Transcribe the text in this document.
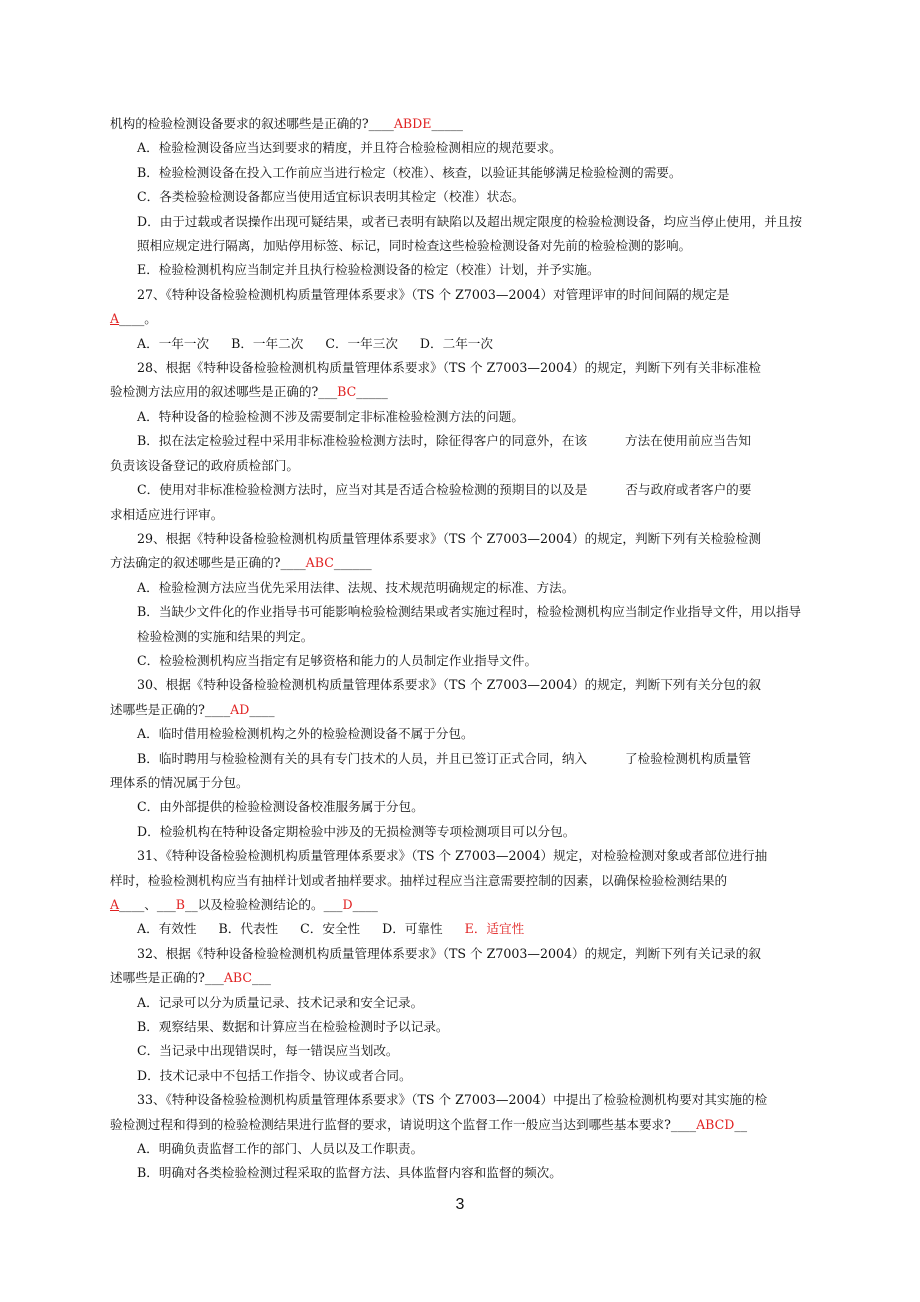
机构的检验检测设备要求的叙述哪些是正确的?____ABDE_____

A．检验检测设备应当达到要求的精度，并且符合检验检测相应的规范要求。

B．检验检测设备在投入工作前应当进行检定（校准）、核查，以验证其能够满足检验检测的需要。

C．各类检验检测设备都应当使用适宜标识表明其检定（校准）状态。

D．由于过载或者误操作出现可疑结果，或者已表明有缺陷以及超出规定限度的检验检测设备，均应当停止使用，并且按照相应规定进行隔离，加贴停用标签、标记，同时检查这些检验检测设备对先前的检验检测的影响。

E．检验检测机构应当制定并且执行检验检测设备的检定（校准）计划，并予实施。

27、《特种设备检验检测机构质量管理体系要求》（TS 个 Z7003—2004）对管理评审的时间间隔的规定是

A____。

A．一年一次 B．一年二次 C．一年三次 D．二年一次

28、根据《特种设备检验检测机构质量管理体系要求》（TS 个 Z7003—2004）的规定，判断下列有关非标准检

验检测方法应用的叙述哪些是正确的?___BC_____

A．特种设备的检验检测不涉及需要制定非标准检验检测方法的问题。

B．拟在法定检验过程中采用非标准检验检测方法时，除征得客户的同意外，在该	方法在使用前应当告知

负责该设备登记的政府质检部门。

C．使用对非标准检验检测方法时，应当对其是否适合检验检测的预期目的以及是	否与政府或者客户的要

求相适应进行评审。

29、根据《特种设备检验检测机构质量管理体系要求》（TS 个 Z7003—2004）的规定，判断下列有关检验检测

方法确定的叙述哪些是正确的?____ABC______

A．检验检测方法应当优先采用法律、法规、技术规范明确规定的标准、方法。

B．当缺少文件化的作业指导书可能影响检验检测结果或者实施过程时，检验检测机构应当制定作业指导文件，用以指导检验检测的实施和结果的判定。

C．检验检测机构应当指定有足够资格和能力的人员制定作业指导文件。

30、根据《特种设备检验检测机构质量管理体系要求》（TS 个 Z7003—2004）的规定，判断下列有关分包的叙

述哪些是正确的?____AD____

A．临时借用检验检测机构之外的检验检测设备不属于分包。

B．临时聘用与检验检测有关的具有专门技术的人员，并且已签订正式合同，纳入	了检验检测机构质量管

理体系的情况属于分包。

C．由外部提供的检验检测设备校准服务属于分包。

D．检验机构在特种设备定期检验中涉及的无损检测等专项检测项目可以分包。

31、《特种设备检验检测机构质量管理体系要求》（TS 个 Z7003—2004）规定，对检验检测对象或者部位进行抽

样时，检验检测机构应当有抽样计划或者抽样要求。抽样过程应当注意需要控制的因素，以确保检验检测结果的

A____、___B__以及检验检测结论的。___D____

A．有效性 B．代表性 C．安全性 D．可靠性 E．适宜性

32、根据《特种设备检验检测机构质量管理体系要求》（TS 个 Z7003—2004）的规定，判断下列有关记录的叙

述哪些是正确的?___ABC___

A．记录可以分为质量记录、技术记录和安全记录。

B．观察结果、数据和计算应当在检验检测时予以记录。

C．当记录中出现错误时，每一错误应当划改。

D．技术记录中不包括工作指令、协议或者合同。

33、《特种设备检验检测机构质量管理体系要求》（TS 个 Z7003—2004）中提出了检验检测机构要对其实施的检

验检测过程和得到的检验检测结果进行监督的要求，请说明这个监督工作一般应当达到哪些基本要求?____ABCD__

A．明确负责监督工作的部门、人员以及工作职责。

B．明确对各类检验检测过程采取的监督方法、具体监督内容和监督的频次。

3
